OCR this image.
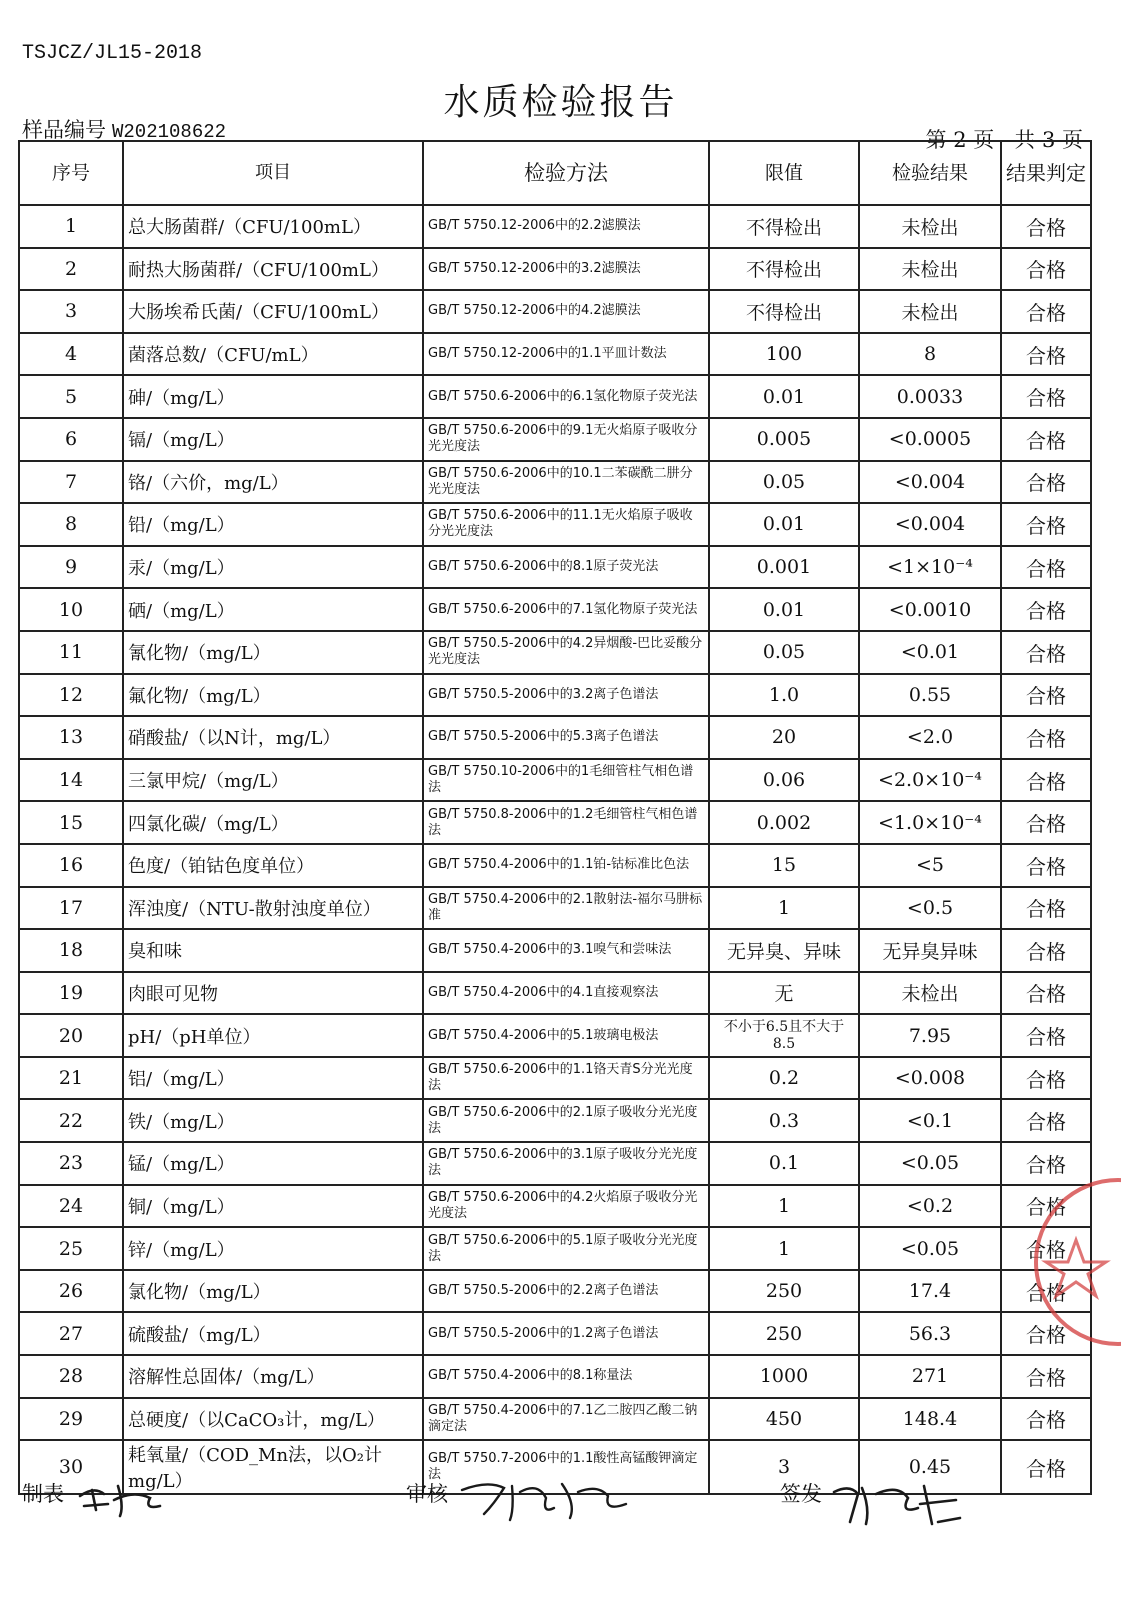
TSJCZ/JL15-2018
水质检验报告
样品编号 W202108622	第 2 页   共 3 页
序号	项目	检验方法	限值	检验结果	结果判定
1	总大肠菌群/（CFU/100mL）	GB/T 5750.12-2006中的2.2滤膜法	不得检出	未检出	合格
2	耐热大肠菌群/（CFU/100mL）	GB/T 5750.12-2006中的3.2滤膜法	不得检出	未检出	合格
3	大肠埃希氏菌/（CFU/100mL）	GB/T 5750.12-2006中的4.2滤膜法	不得检出	未检出	合格
4	菌落总数/（CFU/mL）	GB/T 5750.12-2006中的1.1平皿计数法	100	8	合格
5	砷/（mg/L）	GB/T 5750.6-2006中的6.1氢化物原子荧光法	0.01	0.0033	合格
6	镉/（mg/L）	GB/T 5750.6-2006中的9.1无火焰原子吸收分光光度法	0.005	<0.0005	合格
7	铬/（六价，mg/L）	GB/T 5750.6-2006中的10.1二苯碳酰二肼分光光度法	0.05	<0.004	合格
8	铅/（mg/L）	GB/T 5750.6-2006中的11.1无火焰原子吸收分光光度法	0.01	<0.004	合格
9	汞/（mg/L）	GB/T 5750.6-2006中的8.1原子荧光法	0.001	<1×10⁻⁴	合格
10	硒/（mg/L）	GB/T 5750.6-2006中的7.1氢化物原子荧光法	0.01	<0.0010	合格
11	氰化物/（mg/L）	GB/T 5750.5-2006中的4.2异烟酸-巴比妥酸分光光度法	0.05	<0.01	合格
12	氟化物/（mg/L）	GB/T 5750.5-2006中的3.2离子色谱法	1.0	0.55	合格
13	硝酸盐/（以N计，mg/L）	GB/T 5750.5-2006中的5.3离子色谱法	20	<2.0	合格
14	三氯甲烷/（mg/L）	GB/T 5750.10-2006中的1毛细管柱气相色谱法	0.06	<2.0×10⁻⁴	合格
15	四氯化碳/（mg/L）	GB/T 5750.8-2006中的1.2毛细管柱气相色谱法	0.002	<1.0×10⁻⁴	合格
16	色度/（铂钴色度单位）	GB/T 5750.4-2006中的1.1铂-钴标准比色法	15	<5	合格
17	浑浊度/（NTU-散射浊度单位）	GB/T 5750.4-2006中的2.1散射法-福尔马肼标准	1	<0.5	合格
18	臭和味	GB/T 5750.4-2006中的3.1嗅气和尝味法	无异臭、异味	无异臭异味	合格
19	肉眼可见物	GB/T 5750.4-2006中的4.1直接观察法	无	未检出	合格
20	pH/（pH单位）	GB/T 5750.4-2006中的5.1玻璃电极法	不小于6.5且不大于8.5	7.95	合格
21	铝/（mg/L）	GB/T 5750.6-2006中的1.1铬天青S分光光度法	0.2	<0.008	合格
22	铁/（mg/L）	GB/T 5750.6-2006中的2.1原子吸收分光光度法	0.3	<0.1	合格
23	锰/（mg/L）	GB/T 5750.6-2006中的3.1原子吸收分光光度法	0.1	<0.05	合格
24	铜/（mg/L）	GB/T 5750.6-2006中的4.2火焰原子吸收分光光度法	1	<0.2	合格
25	锌/（mg/L）	GB/T 5750.6-2006中的5.1原子吸收分光光度法	1	<0.05	合格
26	氯化物/（mg/L）	GB/T 5750.5-2006中的2.2离子色谱法	250	17.4	合格
27	硫酸盐/（mg/L）	GB/T 5750.5-2006中的1.2离子色谱法	250	56.3	合格
28	溶解性总固体/（mg/L）	GB/T 5750.4-2006中的8.1称量法	1000	271	合格
29	总硬度/（以CaCO₃计，mg/L）	GB/T 5750.4-2006中的7.1乙二胺四乙酸二钠滴定法	450	148.4	合格
30	耗氧量/（COD_Mn法，以O₂计mg/L）	GB/T 5750.7-2006中的1.1酸性高锰酸钾滴定法	3	0.45	合格
制表	审核	签发
